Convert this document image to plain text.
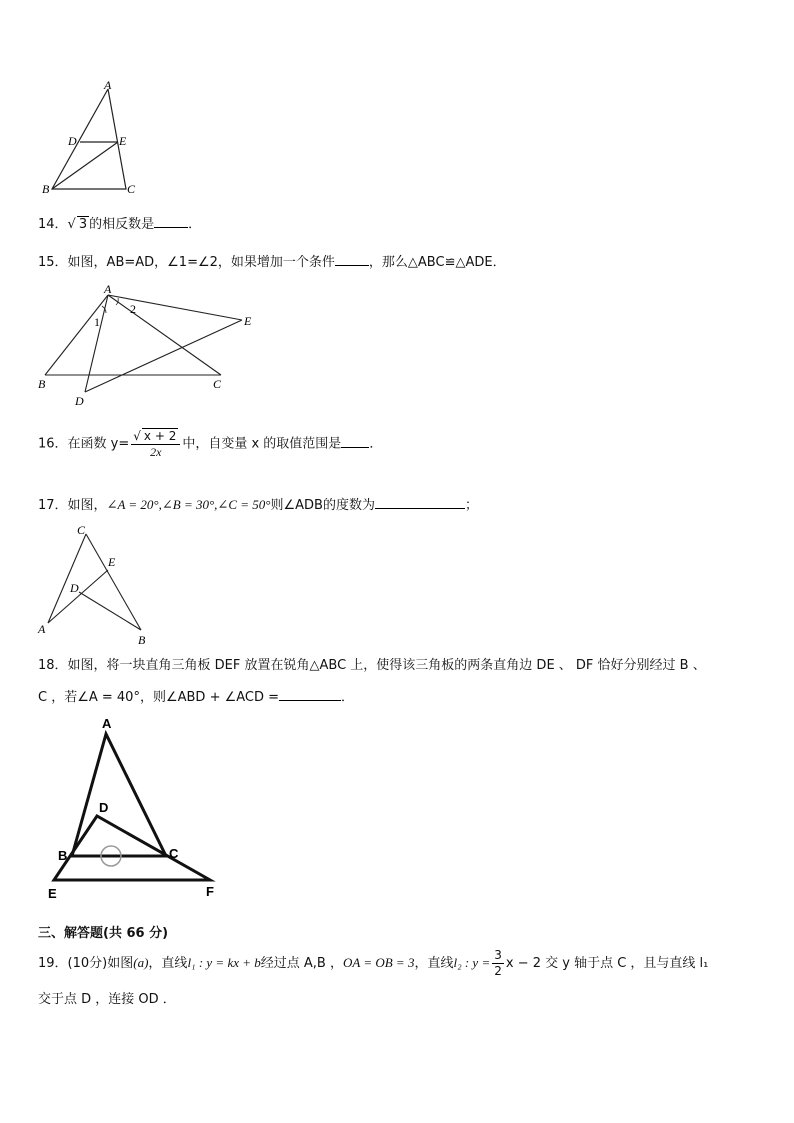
A
D	E
B	C
14．√ 3 的相反数是	．
15．如图，AB=AD，∠1=∠2，如果增加一个条件	，那么△ABC≌△ADE．
A
2
1	E
B	C
D
16．在函数 $y= \frac{√ x + 2}{2x}$ 中，自变量 x 的取值范围是 ．
17．如图，∠A = 20°,∠B = 30°,∠C = 50°则∠ADB的度数为	；
C
E
D
A
B
18．如图，将一块直角三角板 DEF 放置在锐角△ABC 上，使得该三角板的两条直角边 DE 、 DF 恰好分别经过 B 、
C ，若∠A = 40°，则∠ABD + ∠ACD =	．
A
D
B	C
E	F
三、解答题(共 66 分)
19．(10分)如图(a)，直线l₁ : y = kx + b经过点 A,B ，OA = OB = 3，直线l₂ : $y = \frac{3}{2}$ x − 2 交 y 轴于点 C ，且与直线 l₁
交于点 D ，连接 OD ．
